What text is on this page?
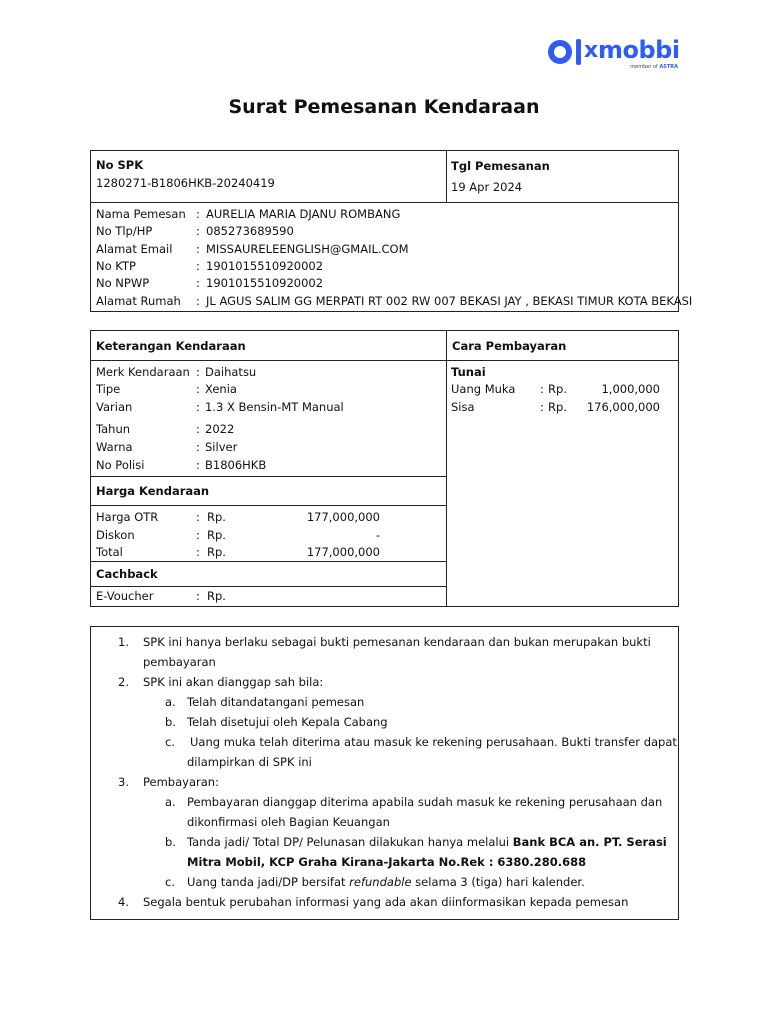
x mobbi
member of ASTRA
Surat Pemesanan Kendaraan
No SPK
1280271-B1806HKB-20240419
Tgl Pemesanan
19 Apr 2024
Nama Pemesan : AURELIA MARIA DJANU ROMBANG
No Tlp/HP	: 085273689590
Alamat Email : MISSAURELEENGLISH@GMAIL.COM
No KTP	: 1901015510920002
No NPWP	: 1901015510920002
Alamat Rumah : JL AGUS SALIM GG MERPATI RT 002 RW 007 BEKASI JAY , BEKASI TIMUR KOTA BEKASI
Keterangan Kendaraan	Cara Pembayaran
Merk Kendaraan : Daihatsu
Tipe	: Xenia
Varian	: 1.3 X Bensin-MT Manual
Tahun	: 2022
Warna	: Silver
No Polisi	: B1806HKB
Tunai
Uang Muka : Rp.	1,000,000
Sisa	: Rp.	176,000,000
Harga Kendaraan
Harga OTR	: Rp.	177,000,000
Diskon	: Rp.	-
Total	: Rp.	177,000,000
Cachback
E-Voucher	: Rp.
1. SPK ini hanya berlaku sebagai bukti pemesanan kendaraan dan bukan merupakan bukti
pembayaran
2. SPK ini akan dianggap sah bila:
a. Telah ditandatangani pemesan
b. Telah disetujui oleh Kepala Cabang
c. Uang muka telah diterima atau masuk ke rekening perusahaan. Bukti transfer dapat
dilampirkan di SPK ini
3. Pembayaran:
a. Pembayaran dianggap diterima apabila sudah masuk ke rekening perusahaan dan
dikonfirmasi oleh Bagian Keuangan
b. Tanda jadi/ Total DP/ Pelunasan dilakukan hanya melalui Bank BCA an. PT. Serasi
Mitra Mobil, KCP Graha Kirana-Jakarta No.Rek : 6380.280.688
c. Uang tanda jadi/DP bersifat refundable selama 3 (tiga) hari kalender.
4. Segala bentuk perubahan informasi yang ada akan diinformasikan kepada pemesan
